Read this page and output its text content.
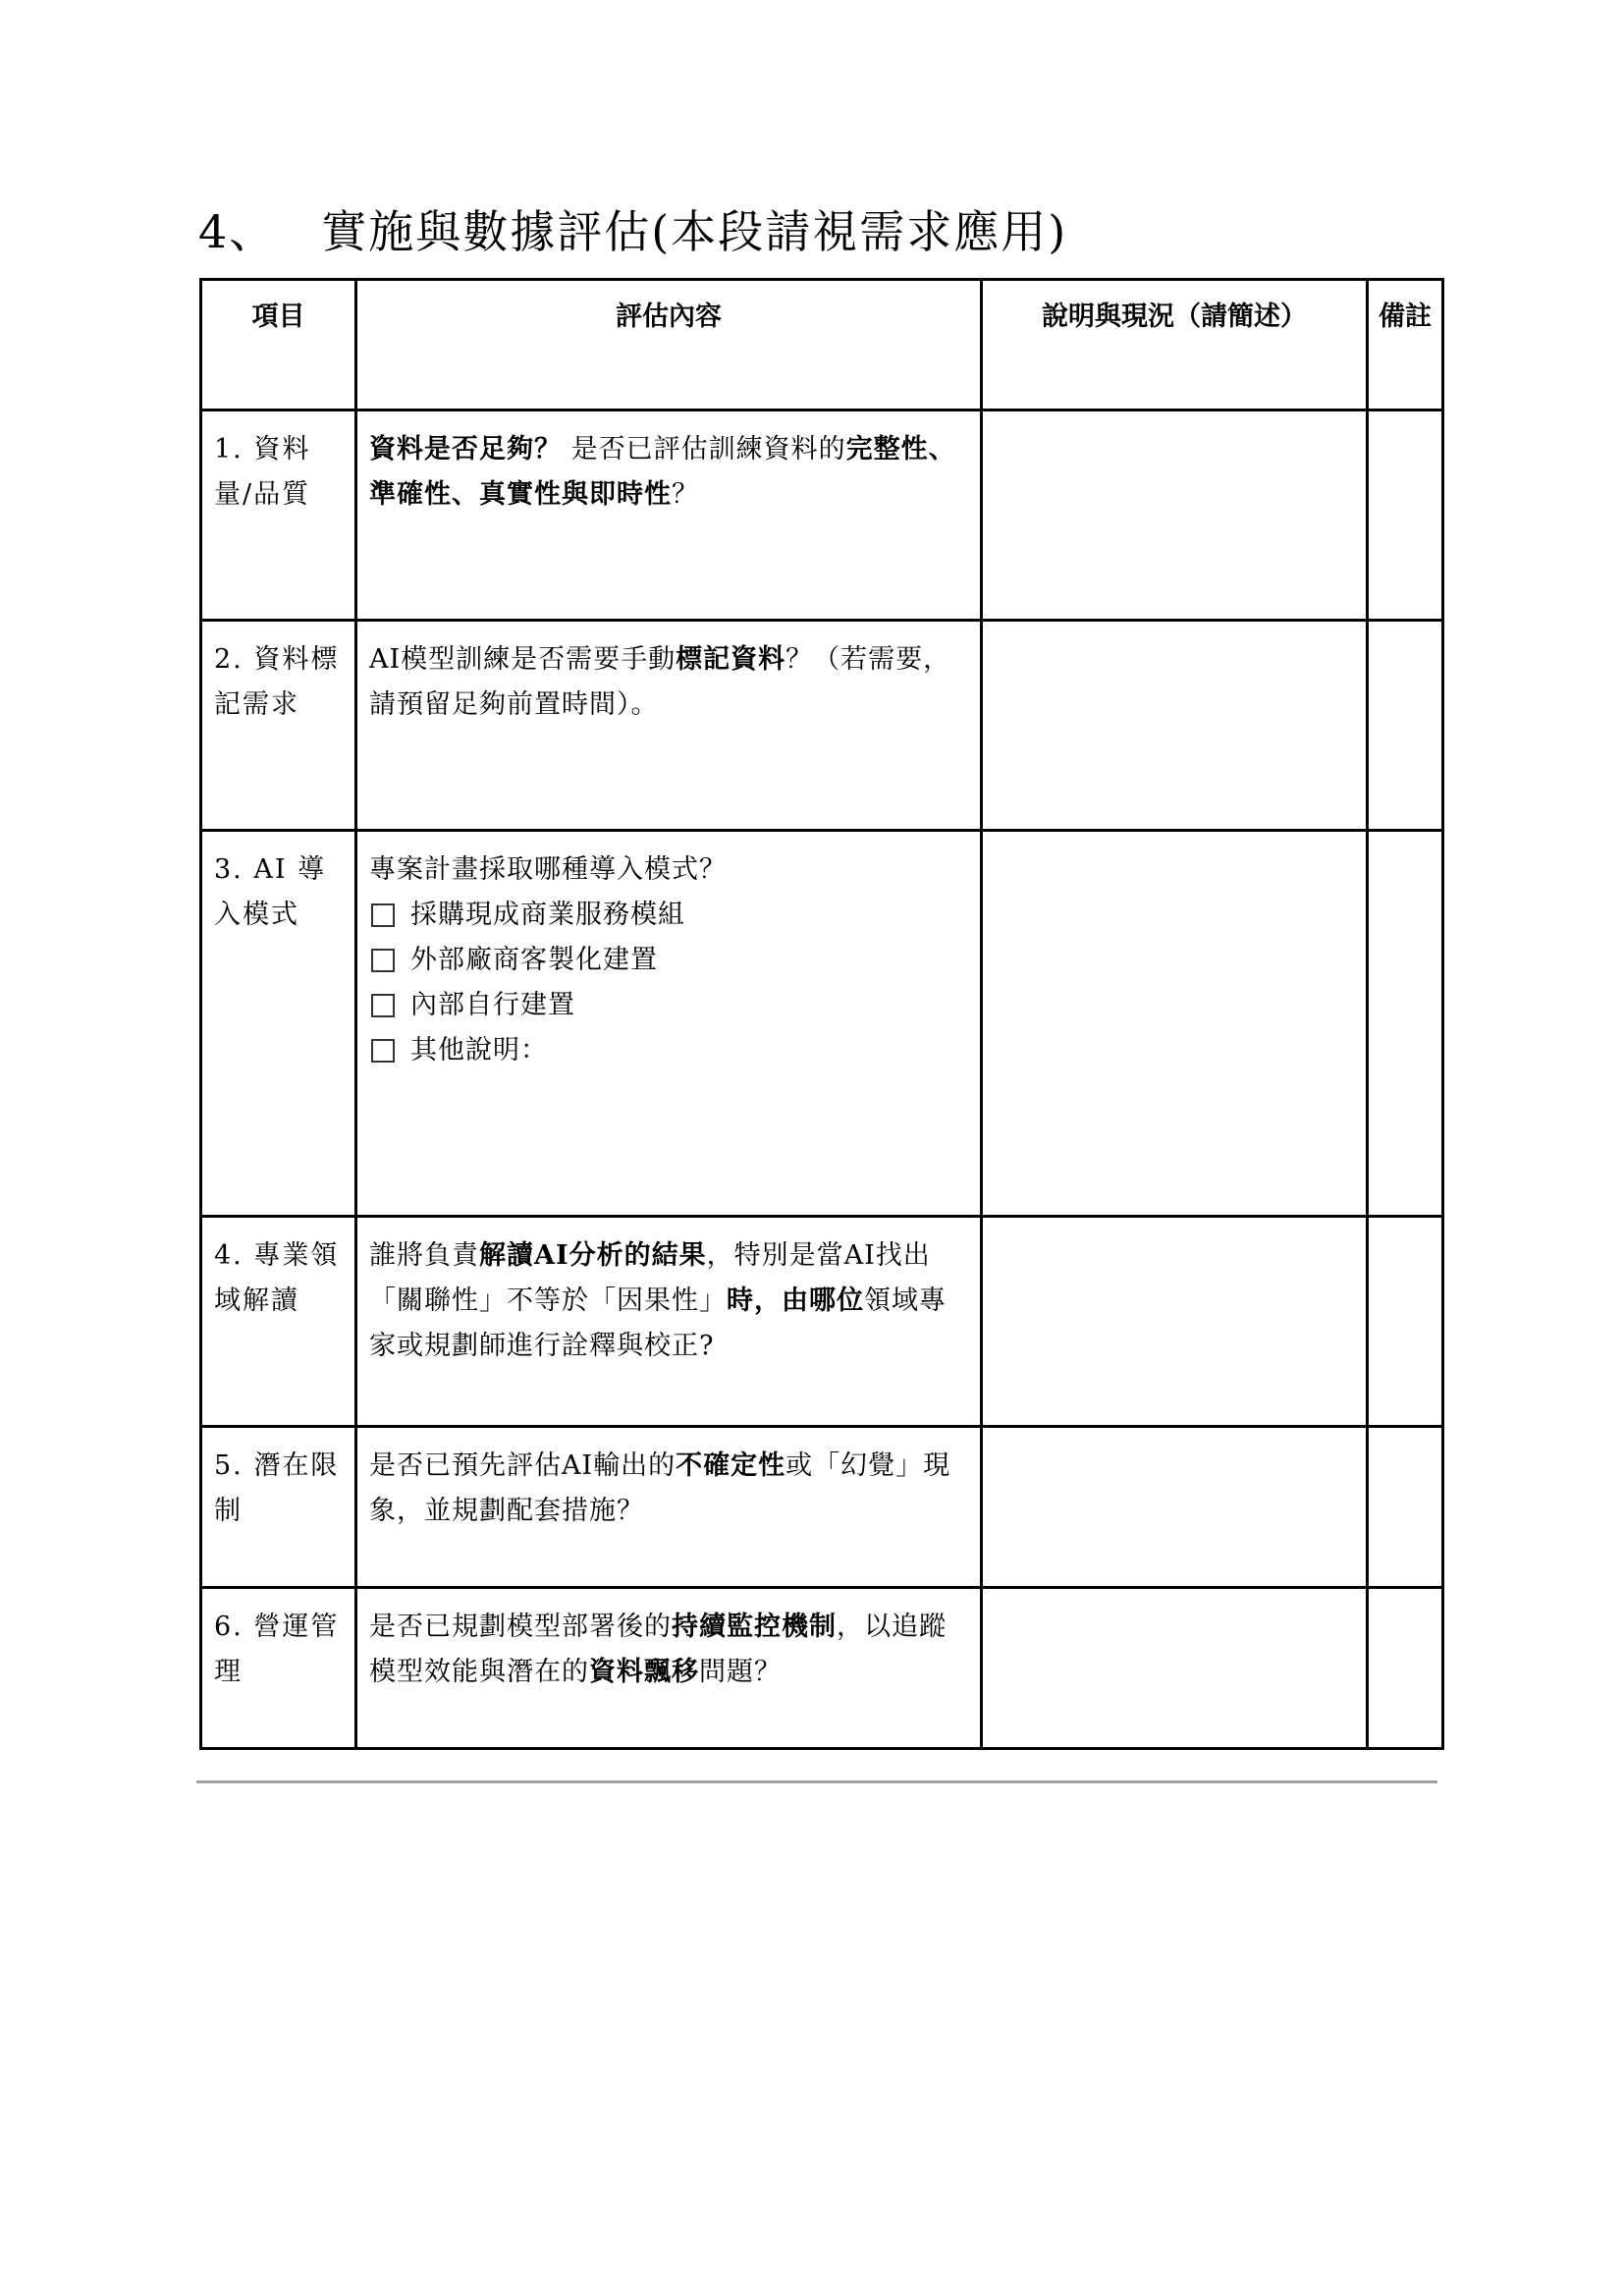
4、 實施與數據評估(本段請視需求應用)
項目	評估內容	說明與現況（請簡述）	備註
1. 資料量/品質	資料是否足夠？ 是否已評估訓練資料的完整性、準確性、真實性與即時性？		
2. 資料標記需求	AI模型訓練是否需要手動標記資料？（若需要，請預留足夠前置時間）。		
3. AI 導入模式	專案計畫採取哪種導入模式？
採購現成商業服務模組
外部廠商客製化建置
內部自行建置
其他說明：		

4. 專業領域解讀	誰將負責解讀AI分析的結果，特別是當AI找出「關聯性」不等於「因果性」時，由哪位領域專家或規劃師進行詮釋與校正?		
5. 潛在限制	是否已預先評估AI輸出的不確定性或「幻覺」現象，並規劃配套措施？		
6. 營運管理	是否已規劃模型部署後的持續監控機制，以追蹤模型效能與潛在的資料飄移問題？		
